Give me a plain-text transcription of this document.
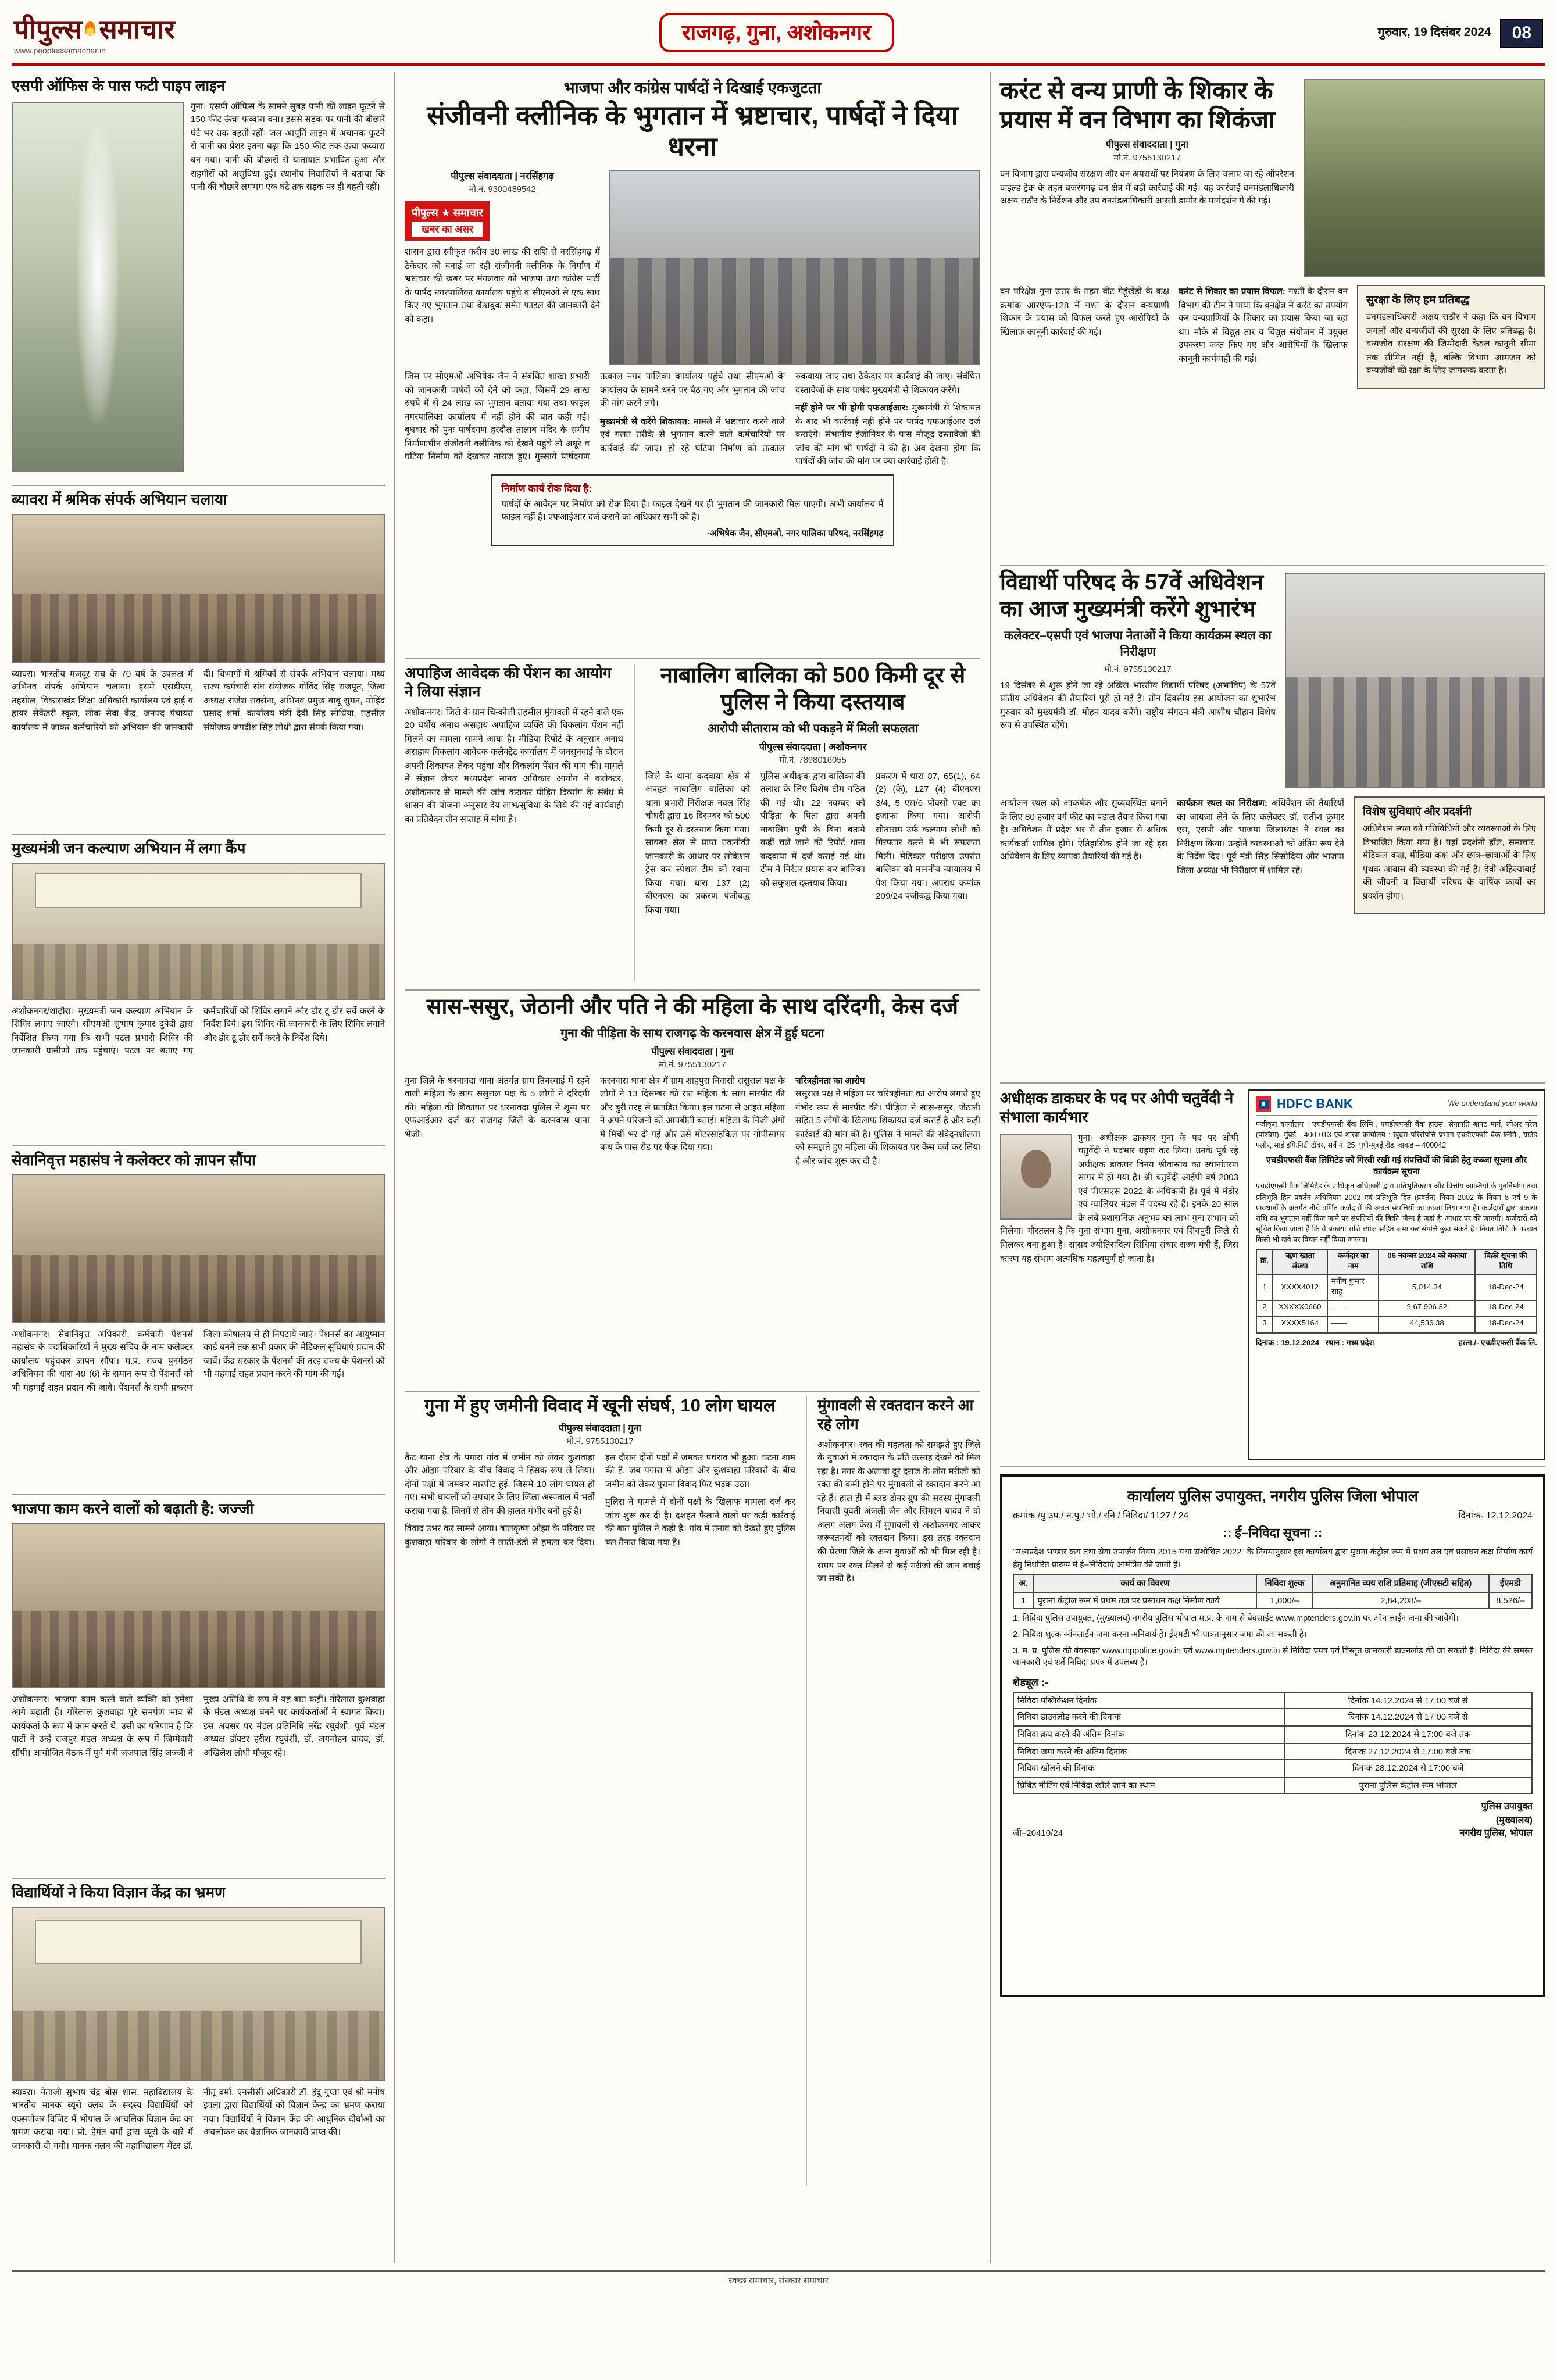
पीपुल्स समाचार
www.peoplessamachar.in
राजगढ़, गुना, अशोकनगर	गुरुवार, 19 दिसंबर 2024	08
एसपी ऑफिस के पास फटी पाइप लाइन

गुना। एसपी ऑफिस के सामने सुबह पानी की लाइन फूटने से 150 फीट ऊंचा फव्वारा बना। इससे सड़क पर पानी की बौछारें घंटे भर तक बहती रहीं। जल आपूर्ति लाइन में अचानक फूटने से पानी का प्रेशर इतना बढ़ा कि 150 फीट तक ऊंचा फव्वारा बन गया। पानी की बौछारों से यातायात प्रभावित हुआ और राहगीरों को असुविधा हुई। स्थानीय निवासियों ने बताया कि पानी की बौछारें लगभग एक घंटे तक सड़क पर ही बहती रहीं।

ब्यावरा में श्रमिक संपर्क अभियान चलाया

ब्यावरा। भारतीय मजदूर संघ के 70 वर्ष के उपलक्ष में अभिनव संपर्क अभियान चलाया। इसमें एसडीएम, तहसील, विकासखंड शिक्षा अधिकारी कार्यालय एवं हाई व हायर सेकेंडरी स्कूल, लोक सेवा केंद्र, जनपद पंचायत कार्यालय में जाकर कर्मचारियों को अभियान की जानकारी दी। विभागों में श्रमिकों से संपर्क अभियान चलाया। मध्य राज्य कर्मचारी संघ संयोजक गोविंद सिंह राजपूत, जिला अध्यक्ष राजेश सक्सेना, अभिनव प्रमुख बाबू सुमन, मोहिंद प्रसाद शर्मा, कार्यालय मंत्री देवी सिंह सोधिया, तहसील संयोजक जगदीश सिंह लोधी द्वारा संपर्क किया गया।

मुख्यमंत्री जन कल्याण अभियान में लगा कैंप

अशोकनगर/शाढ़ौरा। मुख्यमंत्री जन कल्याण अभियान के शिविर लगाए जाएंगे। सीएमओ सुभाष कुमार दुबेदी द्वारा निर्देशित किया गया कि सभी पटल प्रभारी शिविर की जानकारी ग्रामीणों तक पहुंचाएं। पटल पर बताए गए कर्मचारियों को शिविर लगाने और डोर टू डोर सर्वे करने के निर्देश दिये। इस शिविर की जानकारी के लिए शिविर लगाने और डोर टू डोर सर्वे करने के निर्देश दिये।

सेवानिवृत्त महासंघ ने कलेक्टर को ज्ञापन सौंपा

अशोकनगर। सेवानिवृत्त अधिकारी, कर्मचारी पेंशनर्स महासंघ के पदाधिकारियों ने मुख्य सचिव के नाम कलेक्टर कार्यालय पहुंचकर ज्ञापन सौंपा। म.प्र. राज्य पुनर्गठन अधिनियम की धारा 49 (6) के समान रूप से पेंशनर्स को भी मंहगाई राहत प्रदान की जावे। पेंशनर्स के सभी प्रकरण जिला कोषालय से ही निपटाये जाएं। पेंशनर्स का आयुष्मान कार्ड बनने तक सभी प्रकार की मेडिकल सुविधाएं प्रदान की जावें। केंद्र सरकार के पेंशनर्स की तरह राज्य के पेंशनर्स को भी महंगाई राहत प्रदान करने की मांग की गई।

भाजपा काम करने वालों को बढ़ाती है: जज्जी

अशोकनगर। भाजपा काम करने वाले व्यक्ति को हमेशा आगे बढ़ाती है। गोरेलाल कुशवाहा पूरे समर्पण भाव से कार्यकर्ता के रूप में काम करते थे, उसी का परिणाम है कि पार्टी ने उन्हें राजपुर मंडल अध्यक्ष के रूप में जिम्मेदारी सौंपी। आयोजित बैठक में पूर्व मंत्री जजपाल सिंह जज्जी ने मुख्य अतिथि के रूप में यह बात कही। गोरेलाल कुशवाहा के मंडल अध्यक्ष बनने पर कार्यकर्ताओं ने स्वागत किया। इस अवसर पर मंडल प्रतिनिधि नरेंद्र रघुवंशी, पूर्व मंडल अध्यक्ष डॉक्टर हरीश रघुवंशी, डॉ. जगमोहन यादव, डॉ. अखिलेश लोधी मौजूद रहे।

विद्यार्थियों ने किया विज्ञान केंद्र का भ्रमण

ब्यावरा। नेताजी सुभाष चंद्र बोस शास. महाविद्यालय के भारतीय मानक ब्यूरो क्लब के सदस्य विद्यार्थियों को एक्सपोजर विजिट में भोपाल के आंचलिक विज्ञान केंद्र का भ्रमण कराया गया। प्रो. हेमंत वर्मा द्वारा ब्यूरो के बारे में जानकारी दी गयी। मानक क्लब की महाविद्यालय मेंटर डॉ. नीतू वर्मा, एनसीसी अधिकारी डॉ. इंदु गुप्ता एवं श्री मनीष झाला द्वारा विद्यार्थियों को विज्ञान केन्द्र का भ्रमण कराया गया। विद्यार्थियों ने विज्ञान केंद्र की आधुनिक दीर्घाओं का अवलोकन कर वैज्ञानिक जानकारी प्राप्त की।

भाजपा और कांग्रेस पार्षदों ने दिखाई एकजुटता
संजीवनी क्लीनिक के भुगतान में भ्रष्टाचार, पार्षदों ने दिया धरना
पीपुल्स संवाददाता | नरसिंहगढ़
मो.नं. 9300489542
पीपुल्स ★ समाचार
खबर का असर

शासन द्वारा स्वीकृत करीब 30 लाख की राशि से नरसिंहगढ़ में ठेकेदार को बनाई जा रही संजीवनी क्लीनिक के निर्माण में भ्रष्टाचार की खबर पर मंगलवार को भाजपा तथा कांग्रेस पार्टी के पार्षद नगरपालिका कार्यालय पहुंचे व सीएमओ से एक साथ किए गए भुगतान तथा केशबुक समेत फाइल की जानकारी देने को कहा।

जिस पर सीएमओ अभिषेक जैन ने संबंधित शाखा प्रभारी को जानकारी पार्षदों को देने को कहा, जिसमें 29 लाख रुपये में से 24 लाख का भुगतान बताया गया तथा फाइल नगरपालिका कार्यालय में नहीं होने की बात कही गई। बुधवार को पुनः पार्षदगण हरदौल तालाब मंदिर के समीप निर्माणाधीन संजीवनी क्लीनिक को देखने पहुंचे तो अधूरे व घटिया निर्माण को देखकर नाराज हुए। गुस्साये पार्षदगण तत्काल नगर पालिका कार्यालय पहुंचे तथा सीएमओ के कार्यालय के सामने धरने पर बैठ गए और भुगतान की जांच की मांग करने लगे।

मुख्यमंत्री से करेंगे शिकायत: मामले में भ्रष्टाचार करने वाले एवं गलत तरीके से भुगतान करने वाले कर्मचारियों पर कार्रवाई की जाए। हो रहे घटिया निर्माण को तत्काल रुकवाया जाए तथा ठेकेदार पर कार्रवाई की जाए। संबंधित दस्तावेजों के साथ पार्षद मुख्यमंत्री से शिकायत करेंगे।

नहीं होने पर भी होगी एफआईआर: मुख्यमंत्री से शिकायत के बाद भी कार्रवाई नहीं होने पर पार्षद एफआईआर दर्ज कराएंगे। संभागीय इंजीनियर के पास मौजूद दस्तावेजों की जांच की मांग भी पार्षदों ने की है। अब देखना होगा कि पार्षदों की जांच की मांग पर क्या कार्रवाई होती है।

निर्माण कार्य रोक दिया है:
पार्षदों के आवेदन पर निर्माण को रोक दिया है। फाइल देखने पर ही भुगतान की जानकारी मिल पाएगी। अभी कार्यालय में फाइल नहीं है। एफआईआर दर्ज कराने का अधिकार सभी को है।
-अभिषेक जैन, सीएमओ, नगर पालिका परिषद, नरसिंहगढ़
अपाहिज आवेदक की पेंशन का आयोग ने लिया संज्ञान

अशोकनगर। जिले के ग्राम चिन्कोली तहसील मुंगावली में रहने वाले एक 20 वर्षीय अनाथ असहाय अपाहिज व्यक्ति की विकलांग पेंशन नहीं मिलने का मामला सामने आया है। मीडिया रिपोर्ट के अनुसार अनाथ असहाय विकलांग आवेदक कलेक्ट्रेट कार्यालय में जनसुनवाई के दौरान अपनी शिकायत लेकर पहुंचा और विकलांग पेंशन की मांग की। मामले में संज्ञान लेकर मध्यप्रदेश मानव अधिकार आयोग ने कलेक्टर, अशोकनगर से मामले की जांच कराकर पीड़ित दिव्यांग के संबंध में शासन की योजना अनुसार देय लाभ/सुविधा के लिये की गई कार्यवाही का प्रतिवेदन तीन सप्ताह में मांगा है।

नाबालिग बालिका को 500 किमी दूर से पुलिस ने किया दस्तयाब
आरोपी सीताराम को भी पकड़ने में मिली सफलता
पीपुल्स संवाददाता | अशोकनगर
मो.नं. 7898016055

जिले के थाना कदवाया क्षेत्र से अपहृत नाबालिग बालिका को थाना प्रभारी निरीक्षक नवल सिंह चौधरी द्वारा 16 दिसम्बर को 500 किमी दूर से दस्तयाब किया गया। सायबर सेल से प्राप्त तकनीकी जानकारी के आधार पर लोकेशन ट्रेस कर स्पेशल टीम को रवाना किया गया। धारा 137 (2) बीएनएस का प्रकरण पंजीबद्ध किया गया।

पुलिस अधीक्षक द्वारा बालिका की तलाश के लिए विशेष टीम गठित की गई थी। 22 नवम्बर को पीड़िता के पिता द्वारा अपनी नाबालिग पुत्री के बिना बताये कहीं चले जाने की रिपोर्ट थाना कदवाया में दर्ज कराई गई थी। टीम ने निरंतर प्रयास कर बालिका को सकुशल दस्तयाब किया।

प्रकरण में धारा 87, 65(1), 64 (2) (के), 127 (4) बीएनएस 3/4, 5 एस/6 पोक्सो एक्ट का इजाफा किया गया। आरोपी सीताराम उर्फ कल्याण लोधी को गिरफ्तार करने में भी सफलता मिली। मेडिकल परीक्षण उपरांत बालिका को माननीय न्यायालय में पेश किया गया। अपराध क्रमांक 209/24 पंजीबद्ध किया गया।

सास-ससुर, जेठानी और पति ने की महिला के साथ दरिंदगी, केस दर्ज
गुना की पीड़िता के साथ राजगढ़ के करनवास क्षेत्र में हुई घटना
पीपुल्स संवाददाता | गुना
मो.नं. 9755130217

गुना जिले के धरनावदा थाना अंतर्गत ग्राम तिनस्याई में रहने वाली महिला के साथ ससुराल पक्ष के 5 लोगों ने दरिंदगी की। महिला की शिकायत पर धरनावदा पुलिस ने शून्य पर एफआईआर दर्ज कर राजगढ़ जिले के करनवास थाना भेजी।

करनवास थाना क्षेत्र में ग्राम शाहपुरा निवासी ससुराल पक्ष के लोगों ने 13 दिसम्बर की रात महिला के साथ मारपीट की और बुरी तरह से प्रताड़ित किया। इस घटना से आहत महिला ने अपने परिजनों को आपबीती बताई। महिला के निजी अंगों में मिर्ची भर दी गई और उसे मोटरसाइकिल पर गोपीसागर बांध के पास रोड पर फेंक दिया गया।

चरित्रहीनता का आरोप
ससुराल पक्ष ने महिला पर चरित्रहीनता का आरोप लगाते हुए गंभीर रूप से मारपीट की। पीड़िता ने सास-ससुर, जेठानी सहित 5 लोगों के खिलाफ शिकायत दर्ज कराई है और कड़ी कार्रवाई की मांग की है। पुलिस ने मामले की संवेदनशीलता को समझते हुए महिला की शिकायत पर केस दर्ज कर लिया है और जांच शुरू कर दी है।

गुना में हुए जमीनी विवाद में खूनी संघर्ष, 10 लोग घायल
पीपुल्स संवाददाता | गुना
मो.नं. 9755130217

कैंट थाना क्षेत्र के पगारा गांव में जमीन को लेकर कुशवाहा और ओझा परिवार के बीच विवाद ने हिंसक रूप ले लिया। दोनों पक्षों में जमकर मारपीट हुई, जिसमें 10 लोग घायल हो गए। सभी घायलों को उपचार के लिए जिला अस्पताल में भर्ती कराया गया है, जिनमें से तीन की हालत गंभीर बनी हुई है।

विवाद उभर कर सामने आया। बालकृष्ण ओझा के परिवार पर कुशवाहा परिवार के लोगों ने लाठी-डंडों से हमला कर दिया। इस दौरान दोनों पक्षों में जमकर पथराव भी हुआ। घटना शाम की है, जब पगारा में ओझा और कुशवाहा परिवारों के बीच जमीन को लेकर पुराना विवाद फिर भड़क उठा।

पुलिस ने मामले में दोनों पक्षों के खिलाफ मामला दर्ज कर जांच शुरू कर दी है। दशहत फैलाने वालों पर कड़ी कार्रवाई की बात पुलिस ने कही है। गांव में तनाव को देखते हुए पुलिस बल तैनात किया गया है।

मुंगावली से रक्तदान करने आ रहे लोग

अशोकनगर। रक्त की महत्वता को समझते हुए जिले के युवाओं में रक्तदान के प्रति उत्साह देखने को मिल रहा है। नगर के अलावा दूर दराज के लोग मरीजों को रक्त की कमी होने पर मुंगावली से रक्तदान करने आ रहे हैं। हाल ही में ब्लड डोनर ग्रुप की सदस्य मुंगावली निवासी युवती अंजली जैन और सिमरन यादव ने दो अलग अलग केस में मुंगावली से अशोकनगर आकर जरूरतमंदों को रक्तदान किया। इस तरह रक्तदान की प्रेरणा जिले के अन्य युवाओं को भी मिल रही है। समय पर रक्त मिलने से कई मरीजों की जान बचाई जा सकी है।

करंट से वन्य प्राणी के शिकार के प्रयास में वन विभाग का शिकंजा
पीपुल्स संवाददाता | गुना
मो.नं. 9755130217

वन विभाग द्वारा वन्यजीव संरक्षण और वन अपराधों पर नियंत्रण के लिए चलाए जा रहे ऑपरेशन वाइल्ड ट्रेक के तहत बजरंगगढ़ वन क्षेत्र में बड़ी कार्रवाई की गई। यह कार्रवाई वनमंडलाधिकारी अक्षय राठौर के निर्देशन और उप वनमंडलाधिकारी आरसी डामोर के मार्गदर्शन में की गई।

वन परिक्षेत्र गुना उत्तर के तहत बीट गेहूंखेड़ी के कक्ष क्रमांक आरएफ-128 में गश्त के दौरान वन्यप्राणी शिकार के प्रयास को विफल करते हुए आरोपियों के खिलाफ कानूनी कार्रवाई की गई।

करंट से शिकार का प्रयास विफल: गश्ती के दौरान वन विभाग की टीम ने पाया कि वनक्षेत्र में करंट का उपयोग कर वन्यप्राणियों के शिकार का प्रयास किया जा रहा था। मौके से विद्युत तार व विद्युत संयोजन में प्रयुक्त उपकरण जब्त किए गए और आरोपियों के खिलाफ कानूनी कार्यवाही की गई।

सुरक्षा के लिए हम प्रतिबद्ध

वनमंडलाधिकारी अक्षय राठौर ने कहा कि वन विभाग जंगलों और वन्यजीवों की सुरक्षा के लिए प्रतिबद्ध है। वन्यजीव संरक्षण की जिम्मेदारी केवल कानूनी सीमा तक सीमित नहीं है, बल्कि विभाग आमजन को वन्यजीवों की रक्षा के लिए जागरूक करता है।

विद्यार्थी परिषद के 57वें अधिवेशन का आज मुख्यमंत्री करेंगे शुभारंभ
कलेक्टर–एसपी एवं भाजपा नेताओं ने किया कार्यक्रम स्थल का निरीक्षण
मो.नं. 9755130217

19 दिसंबर से शुरू होने जा रहे अखिल भारतीय विद्यार्थी परिषद (अभाविप) के 57वें प्रांतीय अधिवेशन की तैयारियां पूरी हो गई हैं। तीन दिवसीय इस आयोजन का शुभारंभ गुरुवार को मुख्यमंत्री डॉ. मोहन यादव करेंगे। राष्ट्रीय संगठन मंत्री आशीष चौहान विशेष रूप से उपस्थित रहेंगे।

आयोजन स्थल को आकर्षक और सुव्यवस्थित बनाने के लिए 80 हजार वर्ग फीट का पंडाल तैयार किया गया है। अधिवेशन में प्रदेश भर से तीन हजार से अधिक कार्यकर्ता शामिल होंगे। ऐतिहासिक होने जा रहे इस अधिवेशन के लिए व्यापक तैयारियां की गई हैं।

कार्यक्रम स्थल का निरीक्षण: अधिवेशन की तैयारियों का जायजा लेने के लिए कलेक्टर डॉ. सतीश कुमार एस, एसपी और भाजपा जिलाध्यक्ष ने स्थल का निरीक्षण किया। उन्होंने व्यवस्थाओं को अंतिम रूप देने के निर्देश दिए। पूर्व मंत्री सिंह सिसोदिया और भाजपा जिला अध्यक्ष भी निरीक्षण में शामिल रहे।

विशेष सुविधाएं और प्रदर्शनी

अधिवेशन स्थल को गतिविधियों और व्यवस्थाओं के लिए विभाजित किया गया है। यहां प्रदर्शनी हॉल, समाचार, मेडिकल कक्ष, मीडिया कक्ष और छात्र–छात्राओं के लिए पृथक आवास की व्यवस्था की गई है। देवी अहिल्याबाई की जीवनी व विद्यार्थी परिषद के वार्षिक कार्यों का प्रदर्शन होगा।

अधीक्षक डाकघर के पद पर ओपी चतुर्वेदी ने संभाला कार्यभार

गुना। अधीक्षक डाकघर गुना के पद पर ओपी चतुर्वेदी ने पदभार ग्रहण कर लिया। उनके पूर्व रहे अधीक्षक डाकघर विनय श्रीवास्तव का स्थानांतरण सागर में हो गया है। श्री चतुर्वेदी आईपी वर्ष 2003 एवं पीएसएस 2022 के अधिकारी हैं। पूर्व में मंडोर एवं ग्वालियर मंडल में पदस्थ रहे हैं। इनके 20 साल के लंबे प्रशासनिक अनुभव का लाभ गुना संभाग को मिलेगा। गौरतलब है कि गुना संभाग गुना, अशोकनगर एवं शिवपुरी जिले से मिलकर बना हुआ है। सांसद ज्योतिरादित्य सिंधिया संचार राज्य मंत्री हैं, जिस कारण यह संभाग अत्यधिक महत्वपूर्ण हो जाता है।

HDFC BANK	We understand your world

पंजीकृत कार्यालय : एचडीएफसी बैंक लिमि., एचडीएफसी बैंक हाउस, सेनापति बापट मार्ग, लोअर परेल (पश्चिम), मुंबई - 400 013 एवं शाखा कार्यालय : खुदरा परिसंपत्ति प्रभाग एचडीएफसी बैंक लिमि., ग्राउंड फ्लोर, साईं इंफिनिटी टॉवर, सर्वे नं. 25, पुणे-मुंबई रोड, वाकड – 400042

एचडीएफसी बैंक लिमिटेड को गिरवी रखी गई संपत्तियों की बिक्री हेतु कब्जा सूचना और कार्यक्रम सूचना

एचडीएफसी बैंक लिमिटेड के प्राधिकृत अधिकारी द्वारा प्रतिभूतिकरण और वित्तीय आस्तियों के पुनर्निर्माण तथा प्रतिभूति हित प्रवर्तन अधिनियम 2002 एवं प्रतिभूति हित (प्रवर्तन) नियम 2002 के नियम 8 एवं 9 के प्रावधानों के अंतर्गत नीचे वर्णित कर्जदारों की अचल संपत्तियों का कब्जा लिया गया है। कर्जदारों द्वारा बकाया राशि का भुगतान नहीं किए जाने पर संपत्तियों की बिक्री 'जैसा है जहां है' आधार पर की जाएगी। कर्जदारों को सूचित किया जाता है कि वे बकाया राशि ब्याज सहित जमा कर संपत्ति छुड़ा सकते हैं। नियत तिथि के पश्चात किसी भी दावे पर विचार नहीं किया जाएगा।

क्र.	ऋण खाता संख्या	कर्जदार का नाम	06 नवम्बर 2024 को बकाया राशि	बिक्री सूचना की तिथि
1	XXXX4012	मनीष कुमार साहू	5,014.34	18-Dec-24
2	XXXXX0660	——	9,67,906.32	18-Dec-24
3	XXXX5164	——	44,536.38	18-Dec-24
दिनांक : 19.12.2024 स्थान : मध्य प्रदेश	हस्ता./- एचडीएफसी बैंक लि.
कार्यालय पुलिस उपायुक्त, नगरीय पुलिस जिला भोपाल
क्रमांक /पु.उप./ न.पु./ भो./ रनि / निविदा/ 1127 / 24	दिनांक- 12.12.2024
:: ई–निविदा सूचना ::

"मध्यप्रदेश भण्डार क्रय तथा सेवा उपार्जन नियम 2015 यथा संशोधित 2022" के नियमानुसार इस कार्यालय द्वारा पुराना कंट्रोल रूम में प्रथम तल एवं प्रसाधन कक्ष निर्माण कार्य हेतु निर्धारित प्रारूप में ई–निविदाएं आमंत्रित की जाती हैं।

अ.	कार्य का विवरण	निविदा शुल्क	अनुमानित व्यय राशि प्रतिमाह (जीएसटी सहित)	ईएमडी
1	पुराना कंट्रोल रूम में प्रथम तल पर प्रसाधन कक्ष निर्माण कार्य	1,000/–	2,84,208/–	8,526/–

1. निविदा पुलिस उपायुक्त, (मुख्यालय) नगरीय पुलिस भोपाल म.प्र. के नाम से बेवसाईट www.mptenders.gov.in पर ऑन लाईन जमा की जावेगी।

2. निविदा शुल्क ऑनलाईन जमा करना अनिवार्य है। ईएमडी भी पात्रतानुसार जमा की जा सकती है।

3. म. प्र. पुलिस की बेवसाइट www.mppolice.gov.in एवं www.mptenders.gov.in से निविदा प्रपत्र एवं विस्तृत जानकारी डाउनलोड की जा सकती है। निविदा की समस्त जानकारी एवं शर्तें निविदा प्रपत्र में उपलब्ध हैं।

शेड्यूल :-
निविदा पब्लिकेशन दिनांक	दिनांक 14.12.2024 से 17:00 बजे से
निविदा डाउनलोड करने की दिनांक	दिनांक 14.12.2024 से 17:00 बजे से
निविदा क्रय करने की अंतिम दिनांक	दिनांक 23.12.2024 से 17:00 बजे तक
निविदा जमा करने की अंतिम दिनांक	दिनांक 27.12.2024 से 17:00 बजे तक
निविदा खोलने की दिनांक	दिनांक 28.12.2024 से 17:00 बजे
प्रिबिड मीटिंग एवं निविदा खोले जाने का स्थान	पुराना पुलिस कंट्रोल रूम भोपाल
जी–20410/24
पुलिस उपायुक्त
(मुख्यालय)
नगरीय पुलिस, भोपाल
स्वच्छ समाचार, संस्कार समाचार
